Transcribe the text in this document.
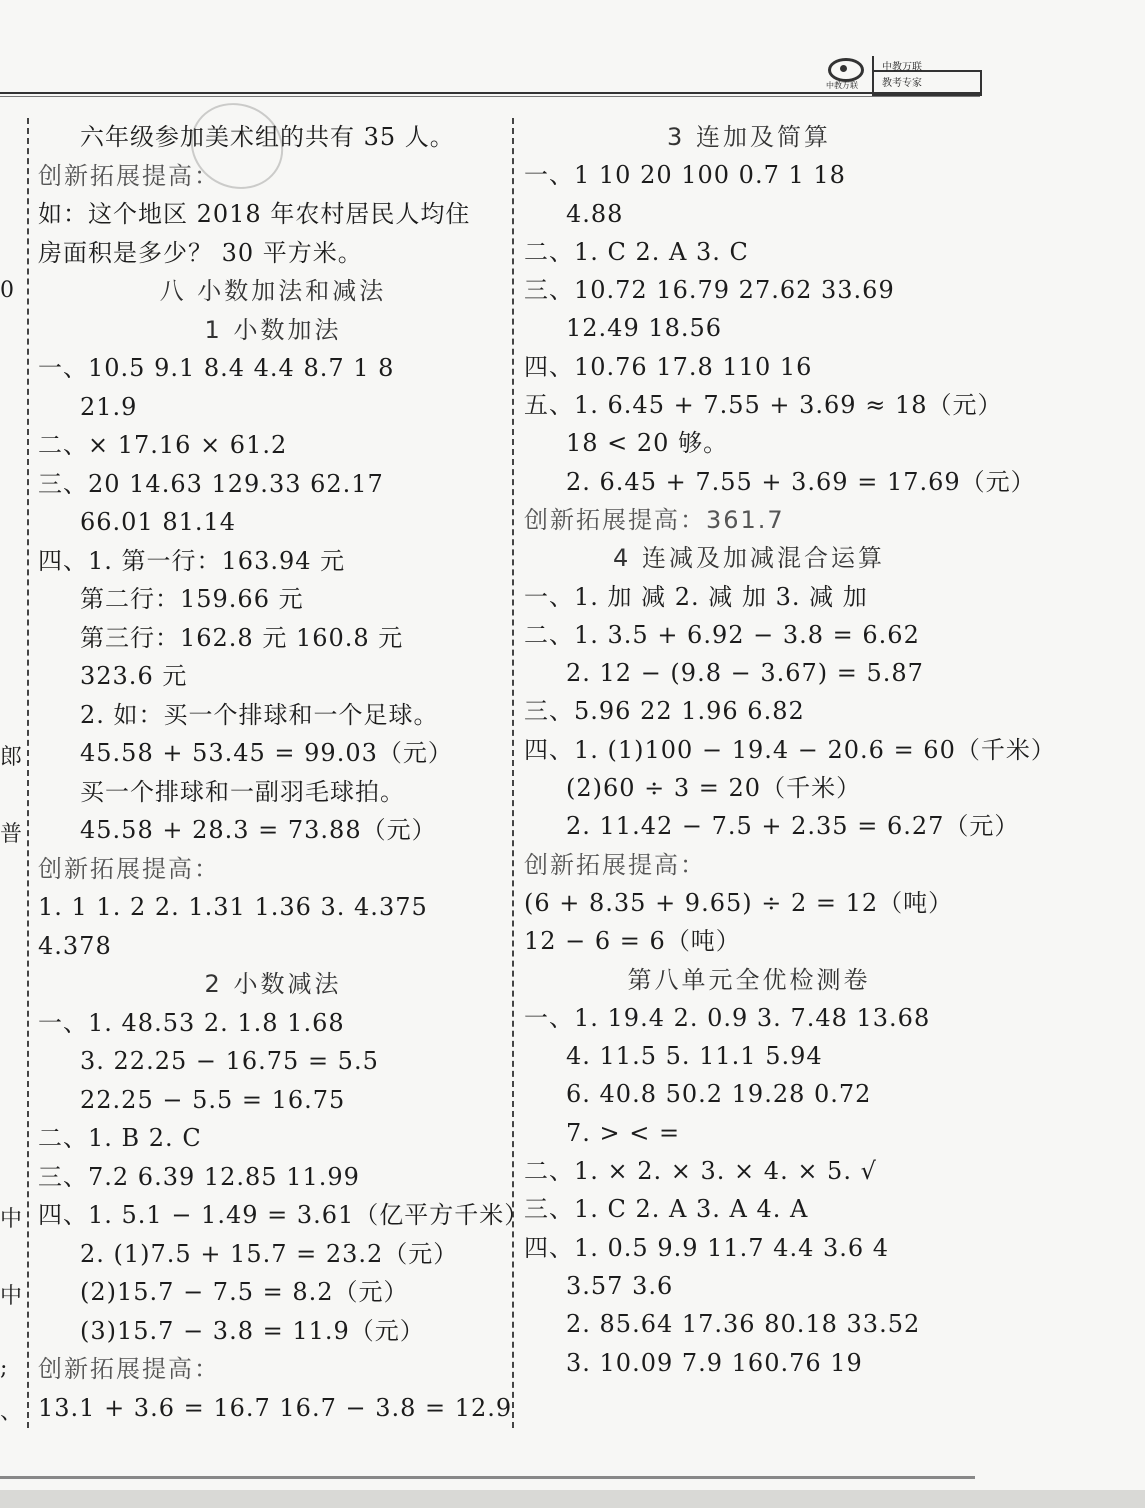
中教万联
中教万联
教考专家
0
郎
普
中
中
;
、
六年级参加美术组的共有 35 人。
创新拓展提高：
如：这个地区 2018 年农村居民人均住
房面积是多少？ 30 平方米。
八 小数加法和减法
1 小数加法
一、10.5 9.1 8.4 4.4 8.7 1 8
21.9
二、× 17.16 × 61.2
三、20 14.63 129.33 62.17
66.01 81.14
四、1. 第一行：163.94 元
第二行：159.66 元
第三行：162.8 元 160.8 元
323.6 元
2. 如：买一个排球和一个足球。
45.58 + 53.45 = 99.03（元）
买一个排球和一副羽毛球拍。
45.58 + 28.3 = 73.88（元）
创新拓展提高：
1. 1 1. 2 2. 1.31 1.36 3. 4.375
4.378
2 小数减法
一、1. 48.53 2. 1.8 1.68
3. 22.25 − 16.75 = 5.5
22.25 − 5.5 = 16.75
二、1. B 2. C
三、7.2 6.39 12.85 11.99
四、1. 5.1 − 1.49 = 3.61（亿平方千米）
2. (1)7.5 + 15.7 = 23.2（元）
(2)15.7 − 7.5 = 8.2（元）
(3)15.7 − 3.8 = 11.9（元）
创新拓展提高：
13.1 + 3.6 = 16.7 16.7 − 3.8 = 12.9
3 连加及简算
一、1 10 20 100 0.7 1 18
4.88
二、1. C 2. A 3. C
三、10.72 16.79 27.62 33.69
12.49 18.56
四、10.76 17.8 110 16
五、1. 6.45 + 7.55 + 3.69 ≈ 18（元）
18 < 20 够。
2. 6.45 + 7.55 + 3.69 = 17.69（元）
创新拓展提高：361.7
4 连减及加减混合运算
一、1. 加 减 2. 减 加 3. 减 加
二、1. 3.5 + 6.92 − 3.8 = 6.62
2. 12 − (9.8 − 3.67) = 5.87
三、5.96 22 1.96 6.82
四、1. (1)100 − 19.4 − 20.6 = 60（千米）
(2)60 ÷ 3 = 20（千米）
2. 11.42 − 7.5 + 2.35 = 6.27（元）
创新拓展提高：
(6 + 8.35 + 9.65) ÷ 2 = 12（吨）
12 − 6 = 6（吨）
第八单元全优检测卷
一、1. 19.4 2. 0.9 3. 7.48 13.68
4. 11.5 5. 11.1 5.94
6. 40.8 50.2 19.28 0.72
7. > < =
二、1. × 2. × 3. × 4. × 5. √
三、1. C 2. A 3. A 4. A
四、1. 0.5 9.9 11.7 4.4 3.6 4
3.57 3.6
2. 85.64 17.36 80.18 33.52
3. 10.09 7.9 160.76 19
